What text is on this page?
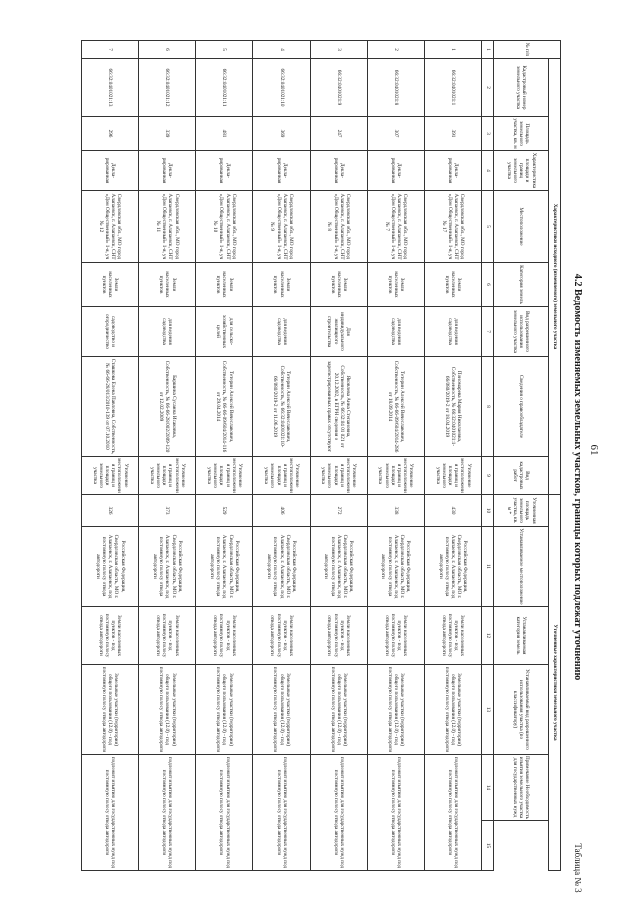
61
4.2 Ведомость изменяемых земельных участков, границы которых подлежат уточнению
Таблица № 3
№ п/п	Характеристики исходного (изменяемого) земельного участка								Уточненные характеристики земельного участка					
	Кадастровый номер земельного участка	Площадь земельного участка, кв. м	Характеристика площади и границ земельного участка	Местоположение	Категория земель	Вид разрешенного использования земельного участка	Сведения о правообладателе	Вид кадастровых работ	Уточненная площадь земельного участка, кв. м *	Устанавливаемое местоположение	Устанавливаемая категория земель	Устанавливаемый вид разрешенного использования участка (по классификатору)	Примечание Необходимость изъятия земельного участка для государственных нужд	
1	2	3	4	5	6	7	8	9	10	11	12	13	14	15
1	66:32:0401021:1	391	Декла- рированная	Свердловская обл., МО город Алапаевск, г. Алапаевск, СНТ «Дом Общественный» 1-я, уч № 17	Земли населенных пунктов	для ведения садоводства	Пономарева Мария Николаевна, Собственность, № 66:32:0401021:1-66/080/2019-2 от 18.04.2019	Уточнение местоположения границ и площади земельного участка	430	Российская Федерация, Свердловская область, МО г. Алапаевск, г. Алапаевск, под постоянную полосу отвода автодороги	Земли населенных пунктов - под постоянную полосу отвода автодороги	Земельные участки (территории) общего пользования (12.0) - под постоянную полосу отвода автодороги	подлежит изъятию для государственных нужд под постоянную полосу отвода автодороги	
2	66:32:0401021:8	307	Декла- рированная	Свердловская обл., МО город Алапаевск, г. Алапаевск, СНТ «Дом Общественный» 1-я, уч № 7	Земли населенных пунктов	для ведения садоводства	Тетерин Алексей Вячеславович, Собственность, № 66-66-09/604/2014-286 от 18.09.2014	Уточнение местоположения границ и площади земельного участка	338	Российская Федерация, Свердловская область, МО г. Алапаевск, г. Алапаевск, под постоянную полосу отвода автодороги	Земли населенных пунктов - под постоянную полосу отвода автодороги	Земельные участки (территории) общего пользования (12.0) - под постоянную полосу отвода автодороги	подлежит изъятию для государственных нужд под постоянную полосу отвода автодороги	
3	66:32:0401021:9	247	Декла- рированная	Свердловская обл., МО город Алапаевск, г. Алапаевск, СНТ «Дом Общественный» 1-я, уч № 8	Земли населенных пунктов	Для индивидуального жилищного строительства	Яковлева Анна Степановна, Собственность, № 66:32:04 01 021 от 20.12.2002, в ЕГРН сведения о зарегистрированных правах отсутствуют	Уточнение местоположения границ и площади земельного участка	272	Российская Федерация, Свердловская область, МО г. Алапаевск, г. Алапаевск, под постоянную полосу отвода автодороги	Земли населенных пунктов - под постоянную полосу отвода автодороги	Земельные участки (территории) общего пользования (12.0) - под постоянную полосу отвода автодороги	подлежит изъятию для государственных нужд под постоянную полосу отвода автодороги	
4	66:32:0401021:10	369	Декла- рированная	Свердловская обл., МО город Алапаевск, г. Алапаевск, СНТ «Дом Общественный» 1-я, уч № 9	Земли населенных пунктов	для ведения садоводства	Тетерин Алексей Вячеславович, Собственность, № 66:32:0401021:10-66/080/2019-2 от 11.06.2019	Уточнение местоположения границ и площади земельного участка	406	Российская Федерация, Свердловская область, МО г. Алапаевск, г. Алапаевск, под постоянную полосу отвода автодороги	Земли населенных пунктов - под постоянную полосу отвода автодороги	Земельные участки (территории) общего пользования (12.0) - под постоянную полосу отвода автодороги	подлежит изъятию для государственных нужд под постоянную полосу отвода автодороги	
5	66:32:0401021:11	481	Декла- рированная	Свердловская обл., МО город Алапаевск, г. Алапаевск, СНТ «Дом Общественный» 1-я, уч № 10	Земли населенных пунктов	для сельско- хозяйственных целей	Тетерин Алексей Вячеславович, Собственность, № 66-66-09/604/2014-116 от 29.04.2014	Уточнение местоположения границ и площади земельного участка	529	Российская Федерация, Свердловская область, МО г. Алапаевск, г. Алапаевск, под постоянную полосу отвода автодороги	Земли населенных пунктов - под постоянную полосу отвода автодороги	Земельные участки (территории) общего пользования (12.0) - под постоянную полосу отвода автодороги	подлежит изъятию для государственных нужд под постоянную полосу отвода автодороги	
6	66:32:0401021:12	339	Декла- рированная	Свердловская обл., МО город Алапаевск, г. Алапаевск, СНТ «Дом Общественный» 1-я, уч № 11	Земли населенных пунктов	для ведения садоводства	Баршина Сусанна Исаковна, Собственность, № 66-66-28/002/2009-120 от 12.02.2009	Уточнение местоположения границ и площади земельного участка	373	Российская Федерация, Свердловская область, МО г. Алапаевск, г. Алапаевск, под постоянную полосу отвода автодороги	Земли населенных пунктов - под постоянную полосу отвода автодороги	Земельные участки (территории) общего пользования (12.0) - под постоянную полосу отвода автодороги	подлежит изъятию для государственных нужд под постоянную полосу отвода автодороги	
7	66:32:0401021:13	296	Декла- рированная	Свердловская обл., МО город Алапаевск, г. Алапаевск, СНТ «Дом Общественный» 1-я, уч № 12	Земли населенных пунктов	садоводство и огородничество	Сташкова Елена Павловна, Собственность, № 66-66-28/013/2010-139 от 07.10.2010	Уточнение местоположения границ и площади земельного участка	326	Российская Федерация, Свердловская область, МО г. Алапаевск, г. Алапаевск, под постоянную полосу отвода автодороги	Земли населенных пунктов - под постоянную полосу отвода автодороги	Земельные участки (территории) общего пользования (12.0) - под постоянную полосу отвода автодороги	подлежит изъятию для государственных нужд под постоянную полосу отвода автодороги	
